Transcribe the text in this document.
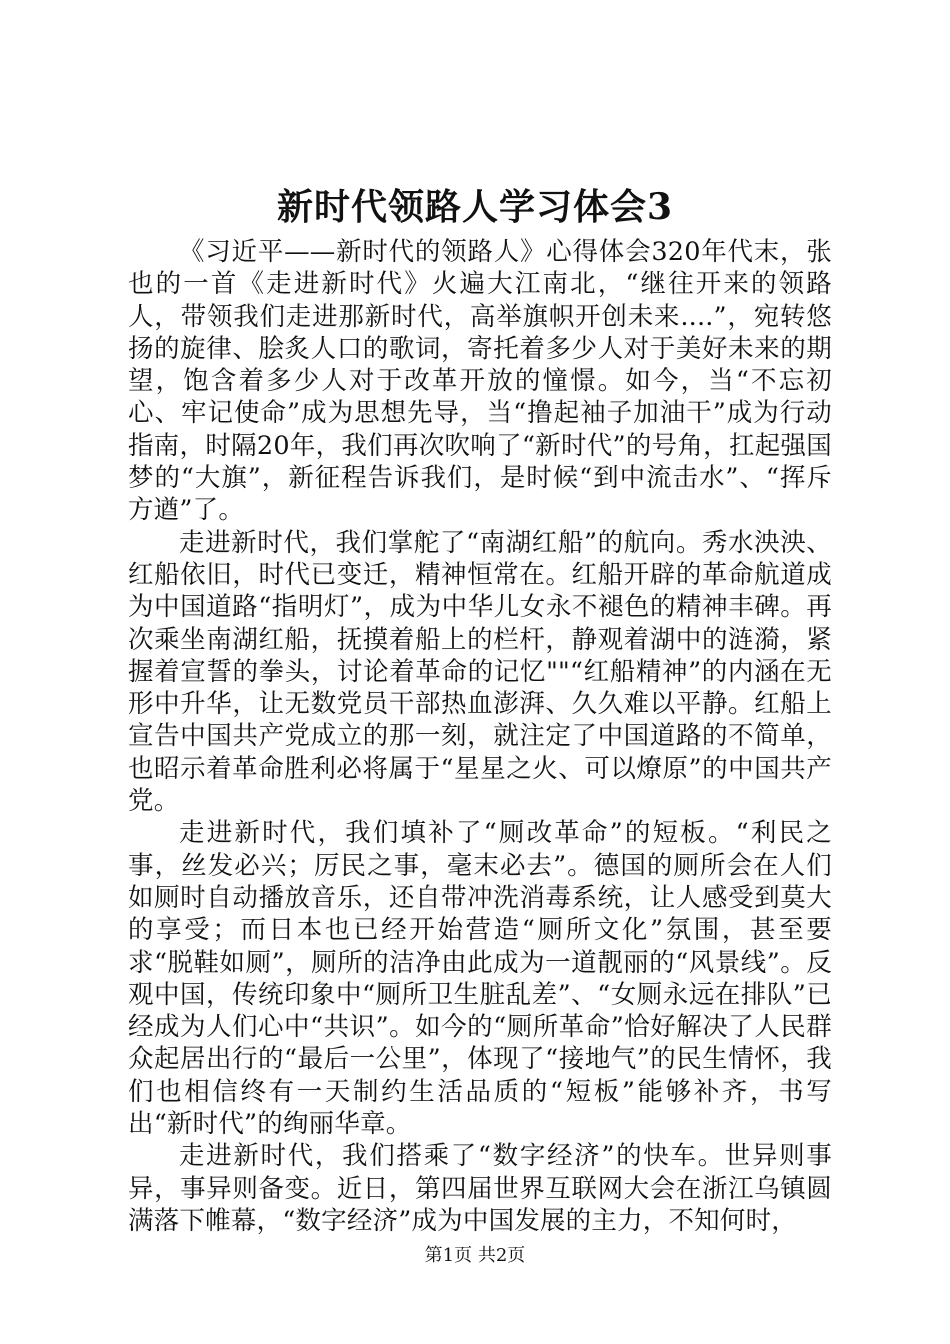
新时代领路人学习体会3

《习近平——新时代的领路人》心得体会320年代末，张也的一首《走进新时代》火遍大江南北，“继往开来的领路人，带领我们走进那新时代，高举旗帜开创未来....”，宛转悠扬的旋律、脍炙人口的歌词，寄托着多少人对于美好未来的期望，饱含着多少人对于改革开放的憧憬。如今，当“不忘初心、牢记使命”成为思想先导，当“撸起袖子加油干”成为行动指南，时隔20年，我们再次吹响了“新时代”的号角，扛起强国梦的“大旗”，新征程告诉我们，是时候“到中流击水”、“挥斥方遒”了。

走进新时代，我们掌舵了“南湖红船”的航向。秀水泱泱、红船依旧，时代已变迁，精神恒常在。红船开辟的革命航道成为中国道路“指明灯”，成为中华儿女永不褪色的精神丰碑。再次乘坐南湖红船，抚摸着船上的栏杆，静观着湖中的涟漪，紧握着宣誓的拳头，讨论着革命的记忆""“红船精神”的内涵在无形中升华，让无数党员干部热血澎湃、久久难以平静。红船上宣告中国共产党成立的那一刻，就注定了中国道路的不简单，也昭示着革命胜利必将属于“星星之火、可以燎原”的中国共产党。

走进新时代，我们填补了“厕改革命”的短板。“利民之事，丝发必兴；厉民之事，毫末必去”。德国的厕所会在人们如厕时自动播放音乐，还自带冲洗消毒系统，让人感受到莫大的享受；而日本也已经开始营造“厕所文化”氛围，甚至要求“脱鞋如厕”，厕所的洁净由此成为一道靓丽的“风景线”。反观中国，传统印象中“厕所卫生脏乱差”、“女厕永远在排队”已经成为人们心中“共识”。如今的“厕所革命”恰好解决了人民群众起居出行的“最后一公里”，体现了“接地气”的民生情怀，我们也相信终有一天制约生活品质的“短板”能够补齐，书写出“新时代”的绚丽华章。

走进新时代，我们搭乘了“数字经济”的快车。世异则事异，事异则备变。近日，第四届世界互联网大会在浙江乌镇圆满落下帷幕，“数字经济”成为中国发展的主力，不知何时，

第1页 共2页
